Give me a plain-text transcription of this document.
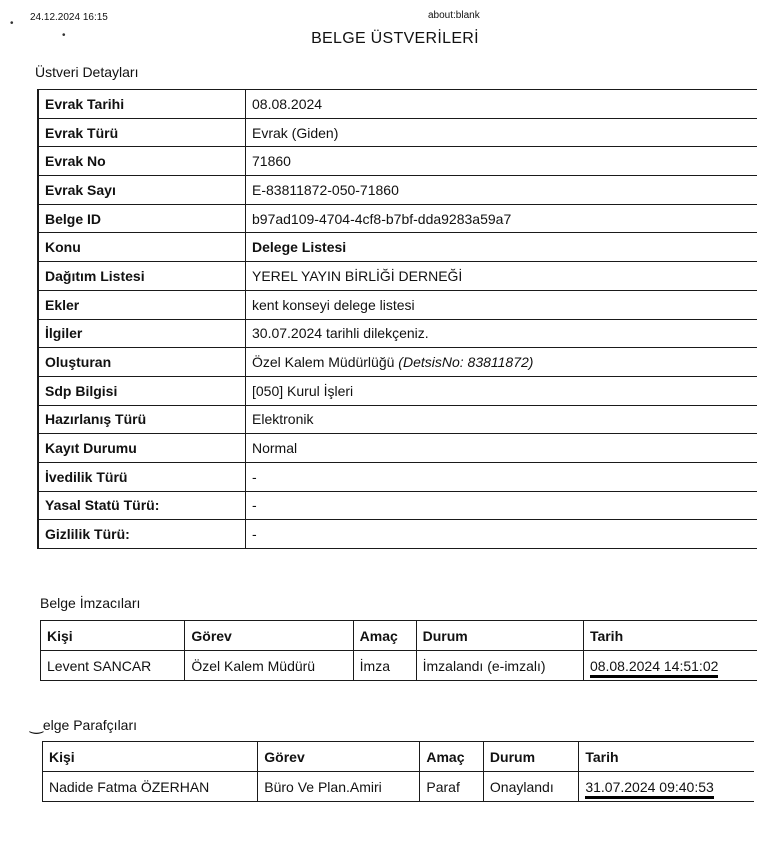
•
•
24.12.2024 16:15	about:blank
BELGE ÜSTVERİLERİ
Üstveri Detayları
Evrak Tarihi	08.08.2024
Evrak Türü	Evrak (Giden)
Evrak No	71860
Evrak Sayı	E-83811872-050-71860
Belge ID	b97ad109-4704-4cf8-b7bf-dda9283a59a7
Konu	Delege Listesi
Dağıtım Listesi	YEREL YAYIN BİRLİĞİ DERNEĞİ
Ekler	kent konseyi delege listesi
İlgiler	30.07.2024 tarihli dilekçeniz.
Oluşturan	Özel Kalem Müdürlüğü (DetsisNo: 83811872)
Sdp Bilgisi	[050] Kurul İşleri
Hazırlanış Türü	Elektronik
Kayıt Durumu	Normal
İvedilik Türü	-
Yasal Statü Türü:	-
Gizlilik Türü:	-
Belge İmzacıları
Kişi	Görev	Amaç	Durum	Tarih
Levent SANCAR	Özel Kalem Müdürü	İmza	İmzalandı (e-imzalı)	08.08.2024 14:51:02
‿elge Parafçıları
Kişi	Görev	Amaç	Durum	Tarih
Nadide Fatma ÖZERHAN	Büro Ve Plan.Amiri	Paraf	Onaylandı	31.07.2024 09:40:53
